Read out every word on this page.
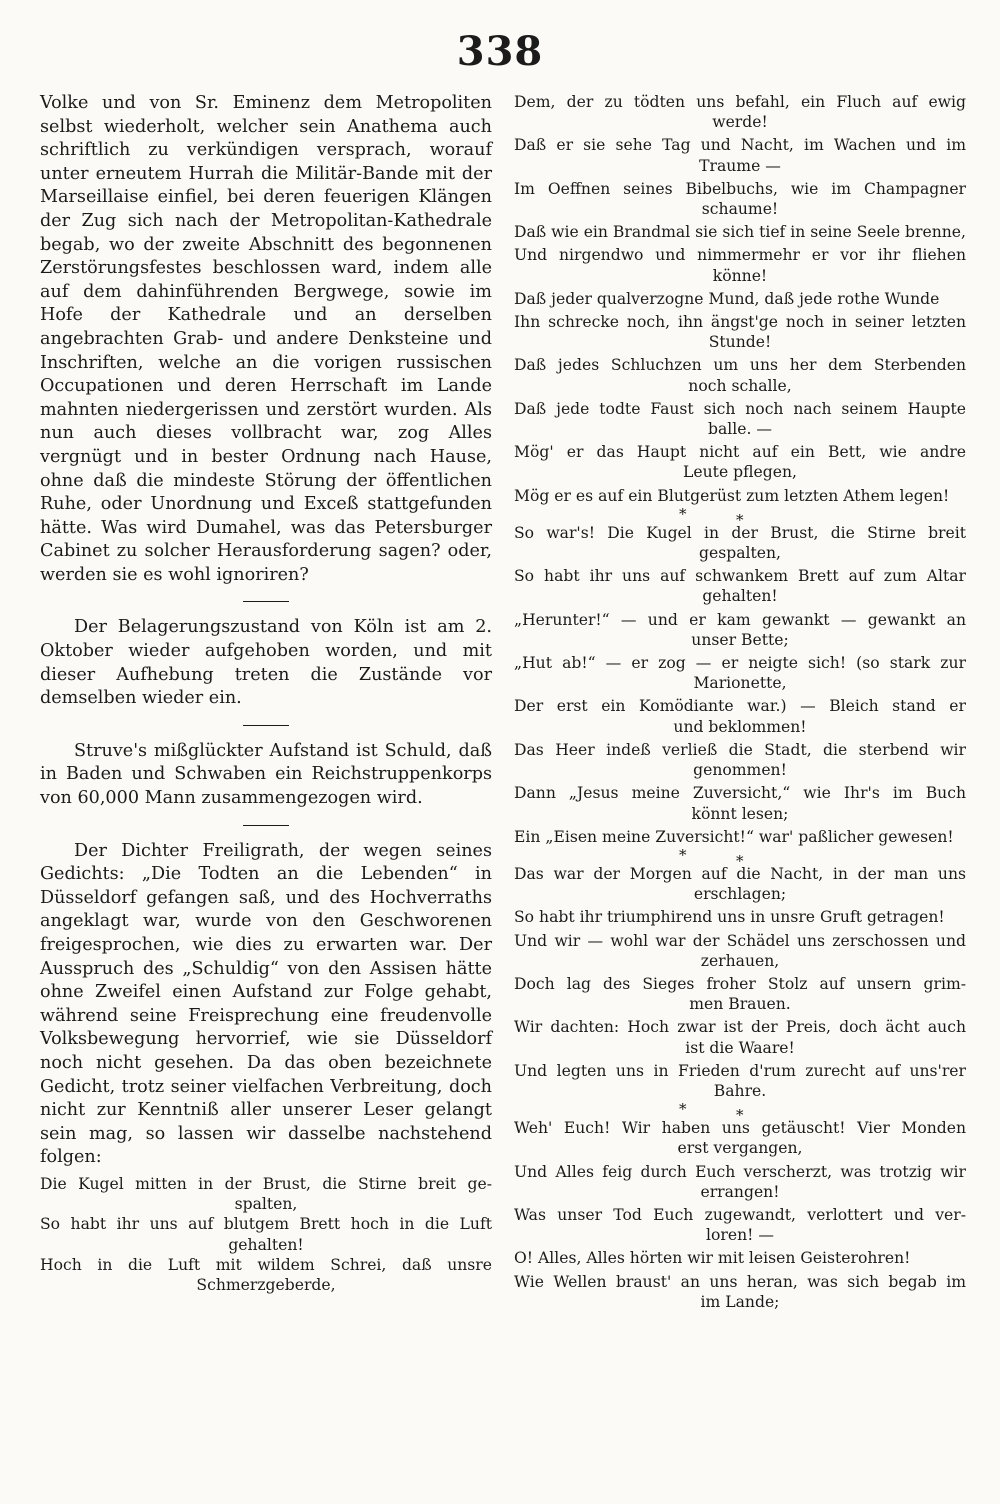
338

Volke und von Sr. Eminenz dem Metropoliten selbst wiederholt, welcher sein Anathema auch schriftlich zu verkündigen versprach, worauf unter erneutem Hurrah die Militär-Bande mit der Marseillaise einfiel, bei deren feuerigen Klängen der Zug sich nach der Metropolitan-Kathedrale begab, wo der zweite Abschnitt des begonnenen Zerstörungsfestes beschlossen ward, indem alle auf dem dahinführenden Bergwege, sowie im Hofe der Kathedrale und an derselben angebrachten Grab- und andere Denksteine und Inschriften, welche an die vorigen russischen Occupationen und deren Herrschaft im Lande mahnten niedergerissen und zerstört wurden. Als nun auch dieses vollbracht war, zog Alles vergnügt und in bester Ordnung nach Hause, ohne daß die mindeste Störung der öffentlichen Ruhe, oder Unordnung und Exceß stattgefunden hätte. Was wird Dumahel, was das Petersburger Cabinet zu solcher Herausforderung sagen? oder, werden sie es wohl ignoriren?

Der Belagerungszustand von Köln ist am 2. Oktober wieder aufgehoben worden, und mit dieser Aufhebung treten die Zustände vor demselben wieder ein.

Struve's mißglückter Aufstand ist Schuld, daß in Baden und Schwaben ein Reichstruppenkorps von 60,000 Mann zusammengezogen wird.

Der Dichter Freiligrath, der wegen seines Gedichts: „Die Todten an die Lebenden“ in Düsseldorf gefangen saß, und des Hochverraths angeklagt war, wurde von den Geschworenen freigesprochen, wie dies zu erwarten war. Der Ausspruch des „Schuldig“ von den Assisen hätte ohne Zweifel einen Aufstand zur Folge gehabt, während seine Freisprechung eine freudenvolle Volksbewegung hervorrief, wie sie Düsseldorf noch nicht gesehen. Da das oben bezeichnete Gedicht, trotz seiner vielfachen Verbreitung, doch nicht zur Kenntniß aller unserer Leser gelangt sein mag, so lassen wir dasselbe nachstehend folgen:

Die Kugel mitten in der Brust, die Stirne breit ge-
spalten,
So habt ihr uns auf blutgem Brett hoch in die Luft
gehalten!
Hoch in die Luft mit wildem Schrei, daß unsre
Schmerzgeberde,
Dem, der zu tödten uns befahl, ein Fluch auf ewig
werde!
Daß er sie sehe Tag und Nacht, im Wachen und im
Traume —
Im Oeffnen seines Bibelbuchs, wie im Champagner
schaume!
Daß wie ein Brandmal sie sich tief in seine Seele brenne,
Und nirgendwo und nimmermehr er vor ihr fliehen
könne!
Daß jeder qualverzogne Mund, daß jede rothe Wunde
Ihn schrecke noch, ihn ängst'ge noch in seiner letzten
Stunde!
Daß jedes Schluchzen um uns her dem Sterbenden
noch schalle,
Daß jede todte Faust sich noch nach seinem Haupte
balle. —
Mög' er das Haupt nicht auf ein Bett, wie andre
Leute pflegen,
Mög er es auf ein Blutgerüst zum letzten Athem legen!
*	*
So war's! Die Kugel in der Brust, die Stirne breit
gespalten,
So habt ihr uns auf schwankem Brett auf zum Altar
gehalten!
„Herunter!“ — und er kam gewankt — gewankt an
unser Bette;
„Hut ab!“ — er zog — er neigte sich! (so stark zur
Marionette,
Der erst ein Komödiante war.) — Bleich stand er
und beklommen!
Das Heer indeß verließ die Stadt, die sterbend wir
genommen!
Dann „Jesus meine Zuversicht,“ wie Ihr's im Buch
könnt lesen;
Ein „Eisen meine Zuversicht!“ war' paßlicher gewesen!
*	*
Das war der Morgen auf die Nacht, in der man uns
erschlagen;
So habt ihr triumphirend uns in unsre Gruft getragen!
Und wir — wohl war der Schädel uns zerschossen und
zerhauen,
Doch lag des Sieges froher Stolz auf unsern grim-
men Brauen.
Wir dachten: Hoch zwar ist der Preis, doch ächt auch
ist die Waare!
Und legten uns in Frieden d'rum zurecht auf uns'rer
Bahre.
*	*
Weh' Euch! Wir haben uns getäuscht! Vier Monden
erst vergangen,
Und Alles feig durch Euch verscherzt, was trotzig wir
errangen!
Was unser Tod Euch zugewandt, verlottert und ver-
loren! —
O! Alles, Alles hörten wir mit leisen Geisterohren!
Wie Wellen braust' an uns heran, was sich begab im
im Lande;
